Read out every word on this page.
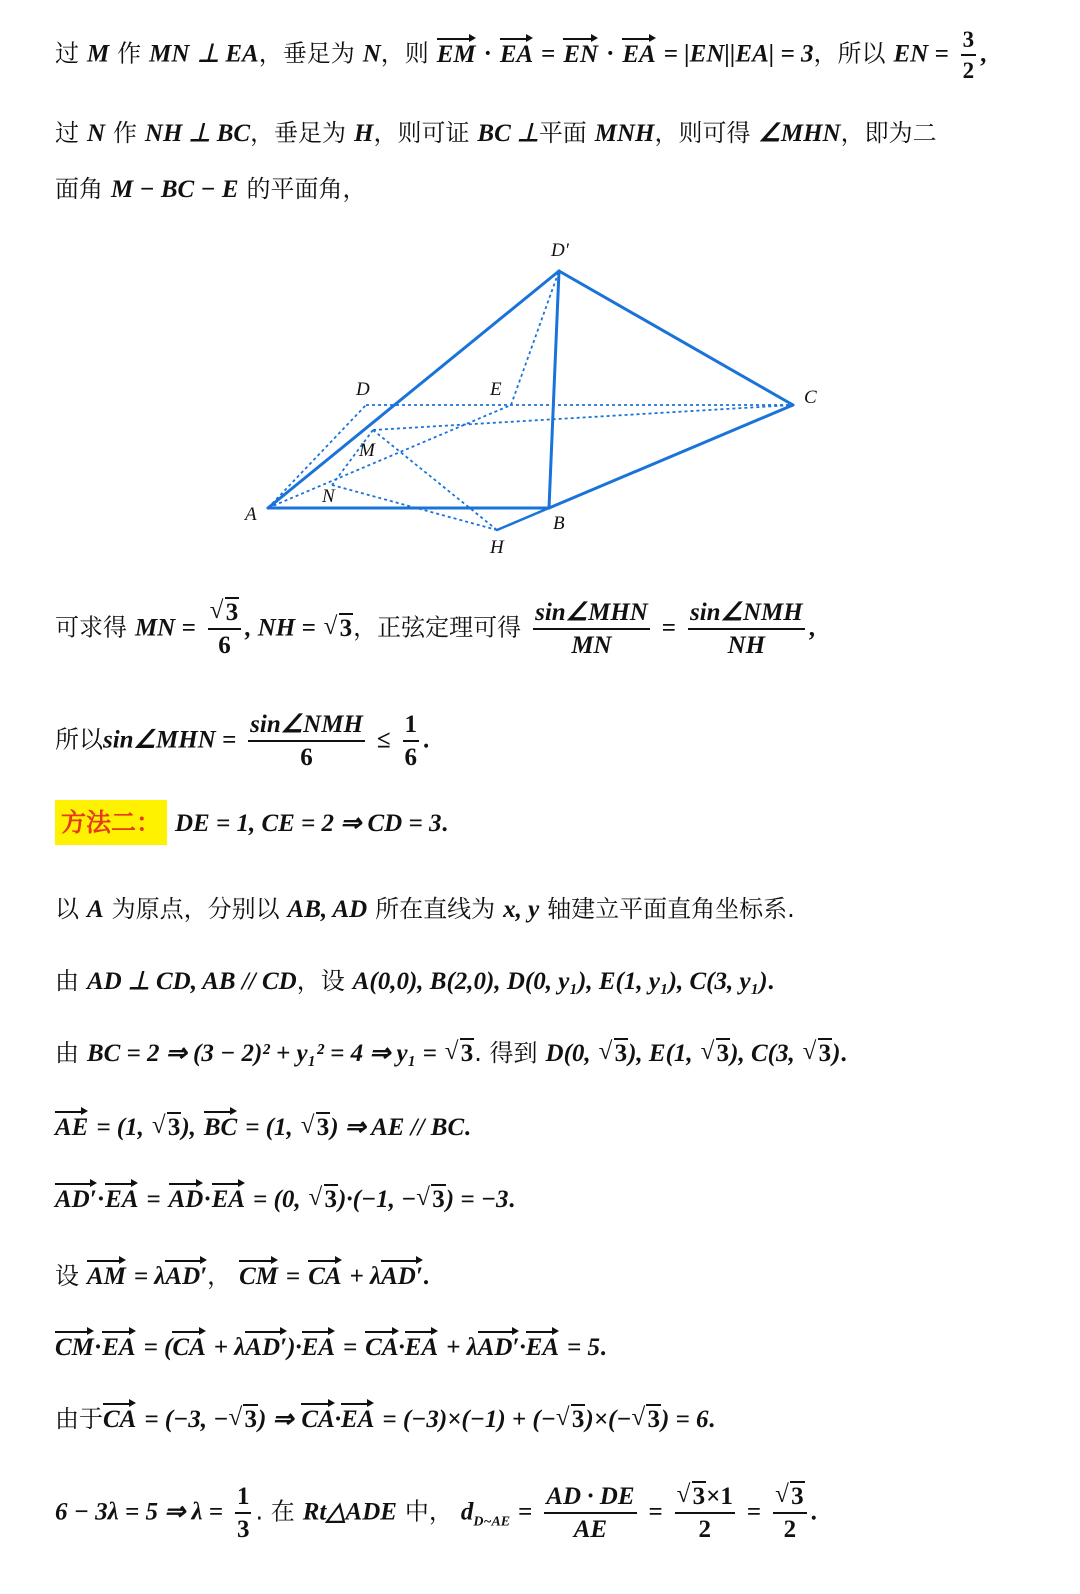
过 M 作 MN ⊥ EA，垂足为 N，则 EM · EA = EN · EA = |EN||EA| = 3，所以 EN = $\frac{3}{2}$ ,
过 N 作 NH ⊥ BC，垂足为 H，则可证 BC ⊥平面 MNH，则可得 ∠MHN，即为二
面角 M − BC − E 的平面角，
D′
D	E	C
M
N
A	B
H
可求得 MN = √ $\frac{3}{6}$ , NH = √ 3，正弦定理可得 $\frac{\text{sin∠MHN}}{MN} = \frac{\text{sin∠NMH}}{NH}$ ,
所以sin∠MHN = $\frac{\text{sin∠NMH}}{6} \le \frac{1}{6}$ .
方法二： DE = 1, CE = 2 ⇒ CD = 3.
以 A 为原点，分别以 AB, AD 所在直线为 x, y 轴建立平面直角坐标系.
由 AD ⊥ CD, AB // CD，设 A(0,0), B(2,0), D(0, y₁), E(1, y₁), C(3, y₁).
由 BC = 2 ⇒ (3 − 2)² + y₁² = 4 ⇒ y₁ = √ 3. 得到 D(0, √ 3), E(1, √ 3), C(3, √ 3).
AE = (1, √ 3), BC = (1, √ 3) ⇒ AE // BC.
AD′·EA = AD·EA = (0, √ 3)·(−1, − √ 3) = −3.
设 AM = λAD′， CM = CA + λAD′.
CM·EA = (CA + λAD′)·EA = CA·EA + λAD′·EA = 5.
由于CA = (−3, − √ 3) ⇒ CA·EA = (−3)×(−1) + (− √ 3)×(− √ 3) = 6.
6 − 3λ = 5 ⇒ $\lambda = \frac{1}{3}$ . 在 Rt△ADE 中， $d_{D\sim AE} = \frac{AD \cdot DE}{AE}$ = √ $\frac{3\times 1}{2}$ = √ $\frac{3}{2}$ .
